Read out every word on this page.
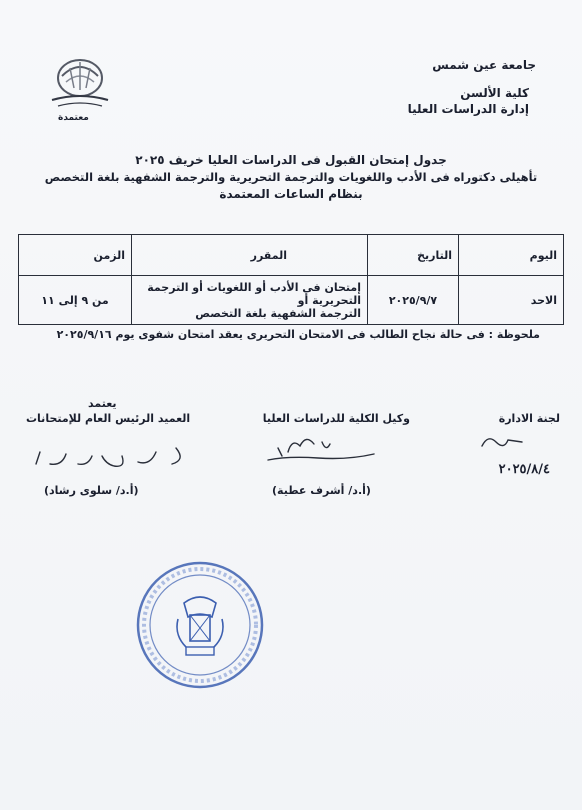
جامعة عين شمس
كلية الألسن
إدارة الدراسات العليا
معتمدة
جدول إمتحان القبول فى الدراسات العليا خريف ٢٠٢٥
تأهيلى دكتوراه فى الأدب واللغويات والترجمة التحريرية والترجمة الشفهية بلغة التخصص
بنظام الساعات المعتمدة
اليوم	التاريخ	المقرر	الزمن
الاحد	٢٠٢٥/٩/٧	إمتحان فى الأدب أو اللغويات أو الترجمة التحريرية أو
الترجمة الشفهية بلغة التخصص	من ٩ إلى ١١
ملحوظة : فى حالة نجاح الطالب فى الامتحان التحريرى يعقد امتحان شفوى يوم ٢٠٢٥/٩/١٦
لجنة الادارة
٢٠٢٥/٨/٤
وكيل الكلية للدراسات العليا
(أ.د/ أشرف عطية)
يعتمد
العميد الرئيس العام للإمتحانات
(أ.د/ سلوى رشاد)
